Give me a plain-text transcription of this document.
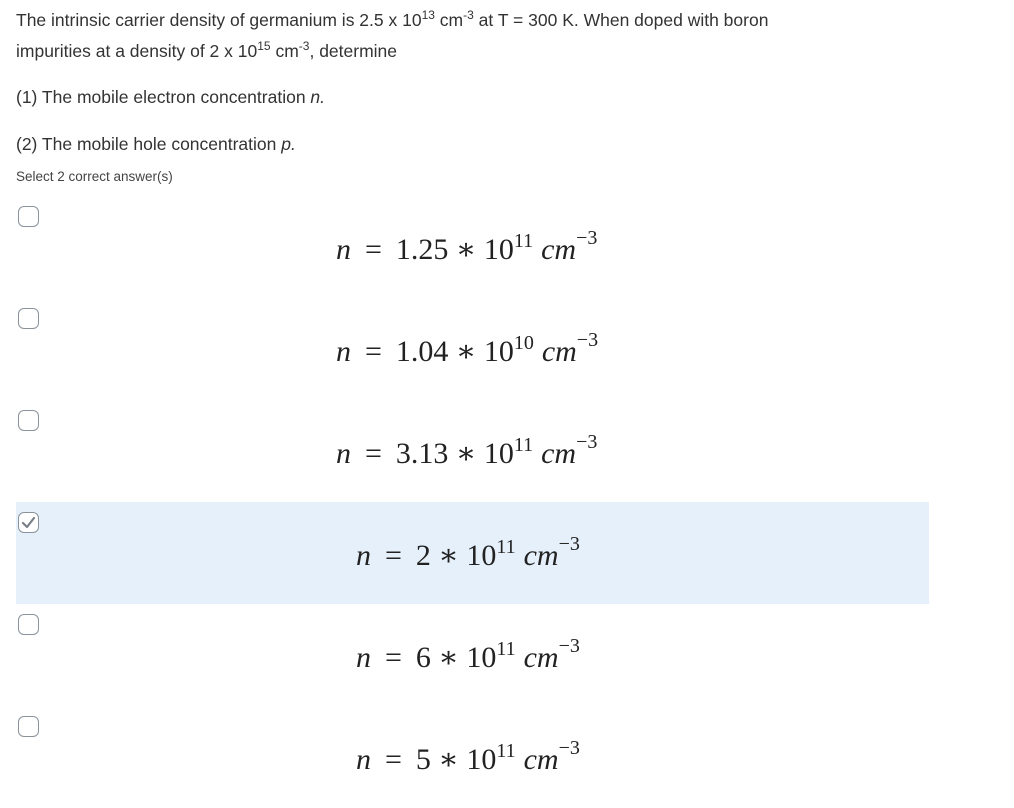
The intrinsic carrier density of germanium is 2.5 x $10^{13}$ $cm^{-3}$ at T = 300 K. When doped with boron

impurities at a density of 2 x $10^{15}$ $cm^{-3}$, determine

(1) The mobile electron concentration n.
(2) The mobile hole concentration p.
Select 2 correct answer(s)
n = 1.25 ∗ $10^{11}$ $cm^{-3}$
n = 1.04 ∗ $10^{10}$ $cm^{-3}$
n = 3.13 ∗ $10^{11}$ $cm^{-3}$
n = 2 ∗ $10^{11}$ $cm^{-3}$
n = 6 ∗ $10^{11}$ $cm^{-3}$
n = 5 ∗ $10^{11}$ $cm^{-3}$
